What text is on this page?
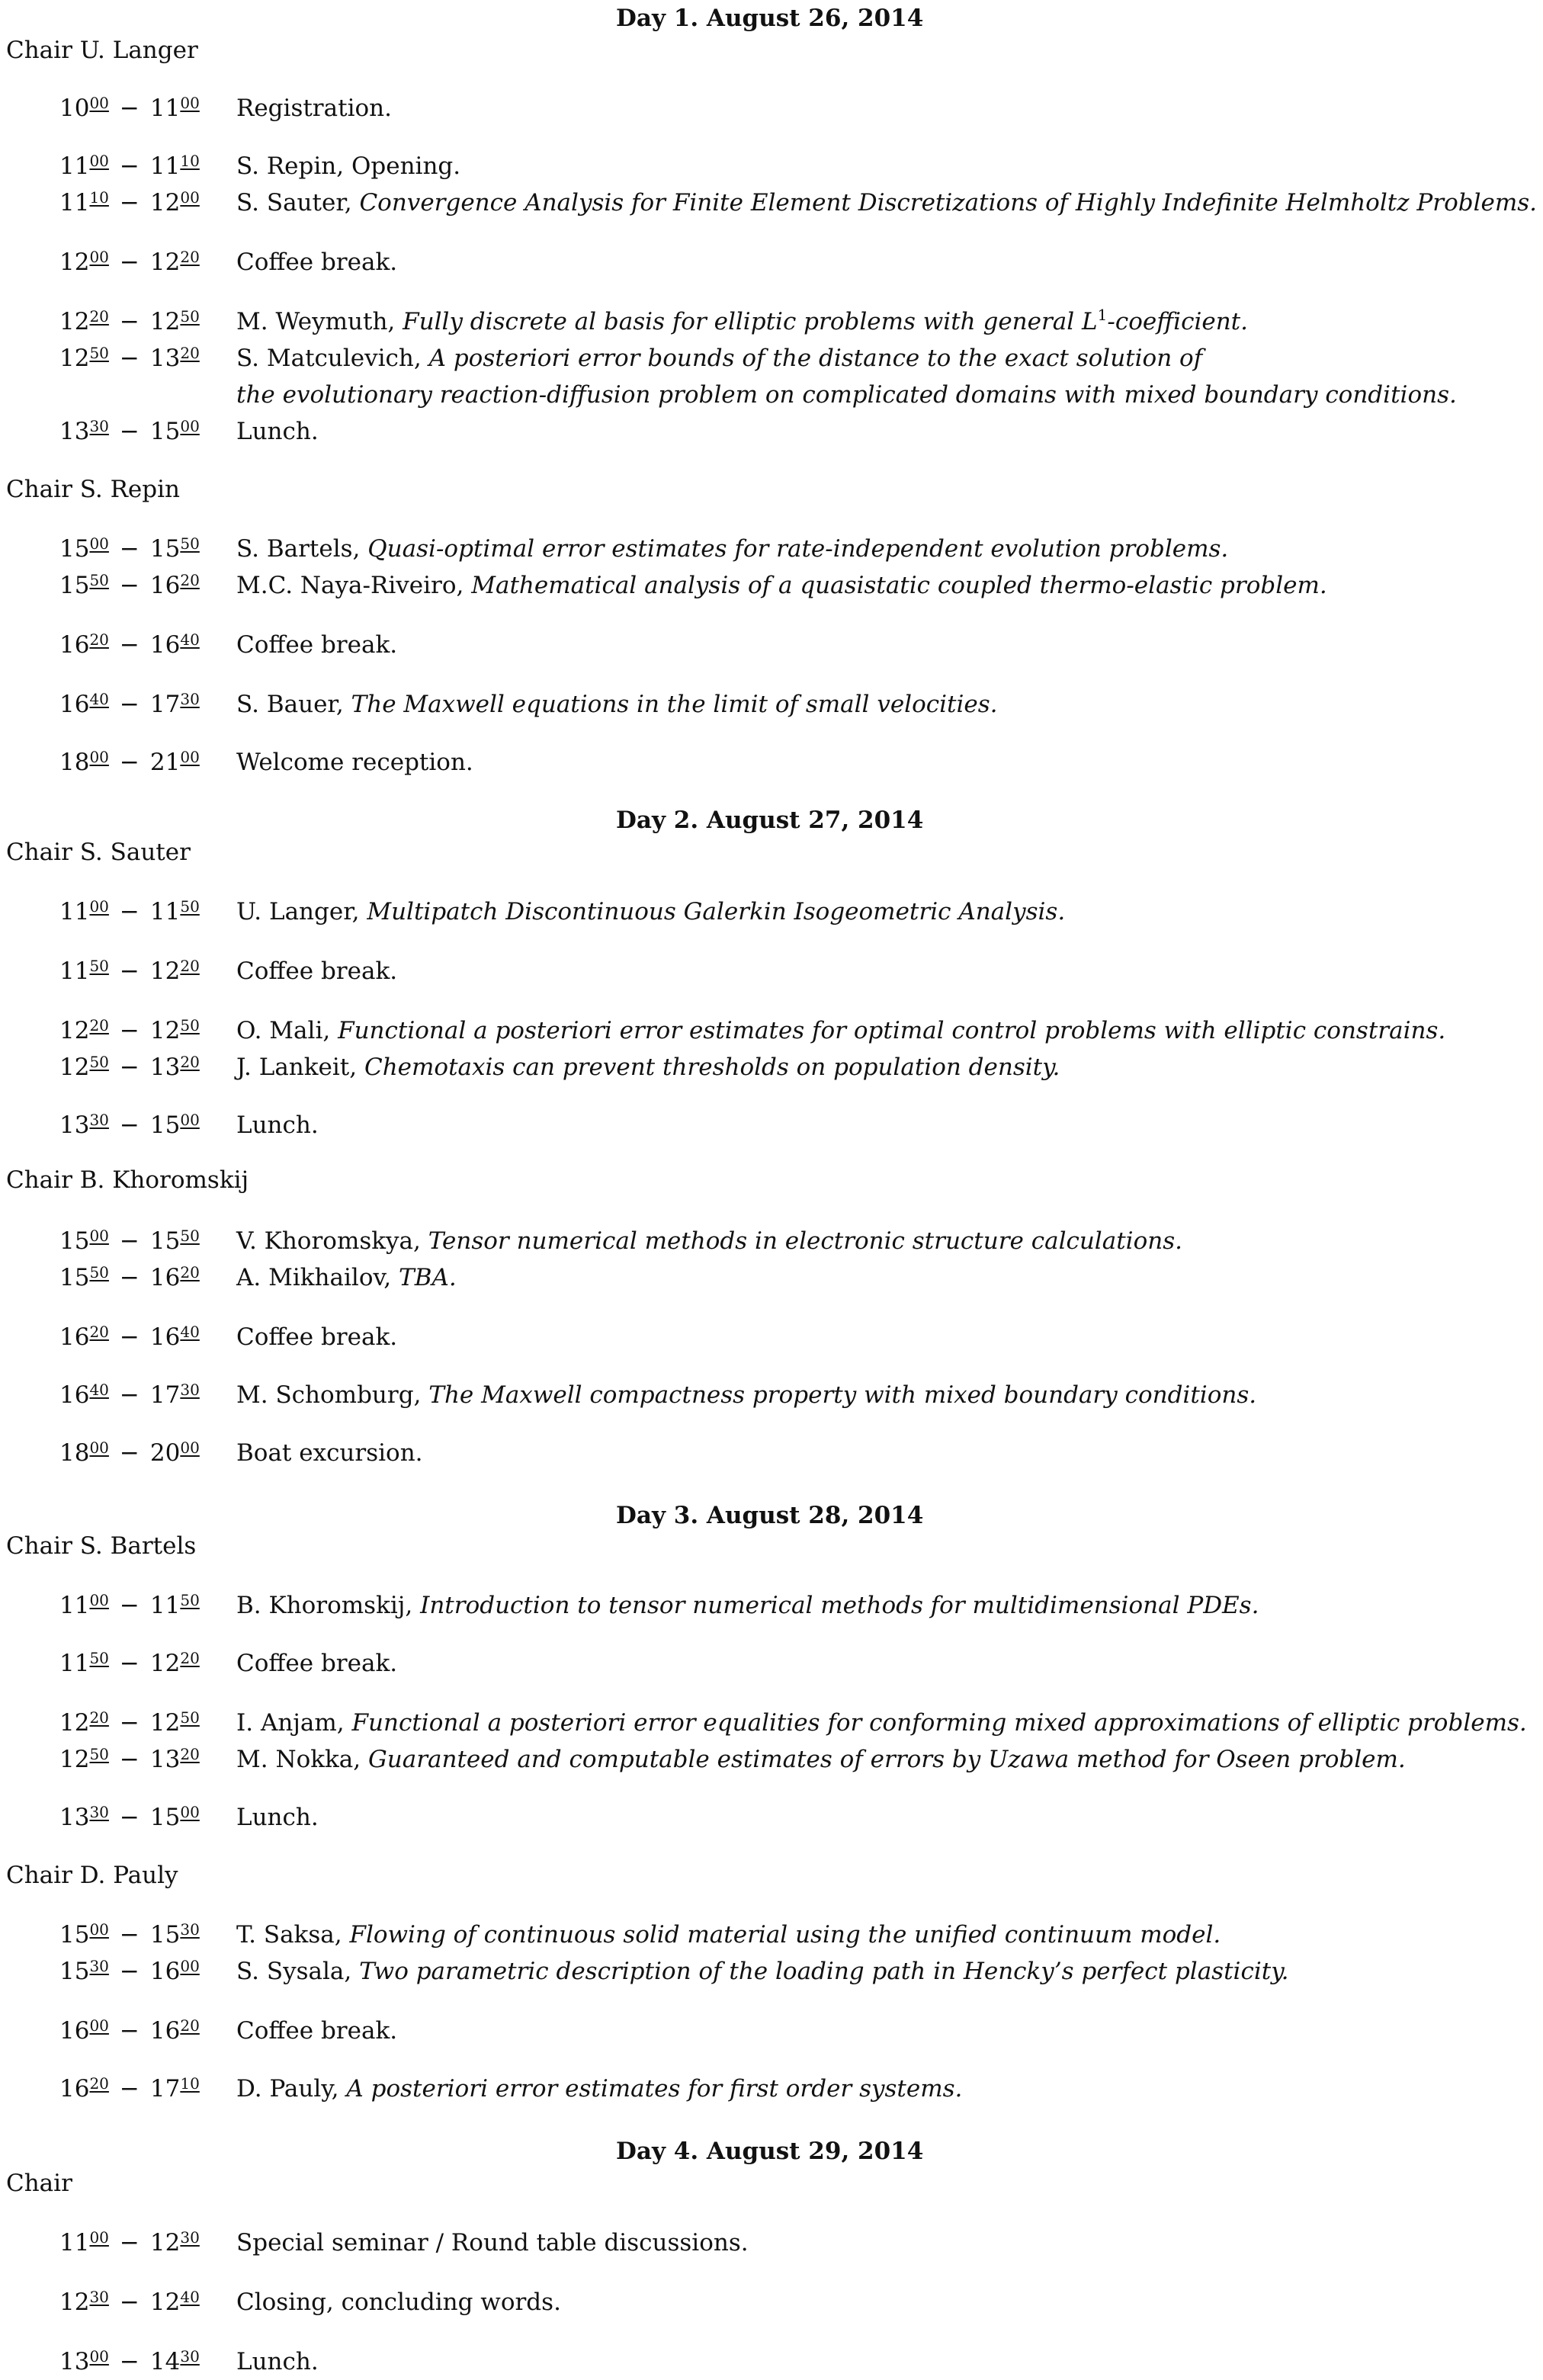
Day 1. August 26, 2014
Chair U. Langer
$10^{00} - 11^{00}$ Registration.
$11^{00} - 11^{10}$ S. Repin, Opening.
$11^{10} - 12^{00}$ S. Sauter, Convergence Analysis for Finite Element Discretizations of Highly Indefinite Helmholtz Problems.
$12^{00} - 12^{20}$ Coffee break.
$12^{20} - 12^{50}$ M. Weymuth, Fully discrete al basis for elliptic problems with general $L^1$-coefficient.
$12^{50} - 13^{20}$ S. Matculevich, A posteriori error bounds of the distance to the exact solution of
the evolutionary reaction-diffusion problem on complicated domains with mixed boundary conditions.
$13^{30} - 15^{00}$ Lunch.
Chair S. Repin
$15^{00} - 15^{50}$ S. Bartels, Quasi-optimal error estimates for rate-independent evolution problems.
$15^{50} - 16^{20}$ M.C. Naya-Riveiro, Mathematical analysis of a quasistatic coupled thermo-elastic problem.
$16^{20} - 16^{40}$ Coffee break.
$16^{40} - 17^{30}$ S. Bauer, The Maxwell equations in the limit of small velocities.
$18^{00} - 21^{00}$ Welcome reception.
Day 2. August 27, 2014
Chair S. Sauter
$11^{00} - 11^{50}$ U. Langer, Multipatch Discontinuous Galerkin Isogeometric Analysis.
$11^{50} - 12^{20}$ Coffee break.
$12^{20} - 12^{50}$ O. Mali, Functional a posteriori error estimates for optimal control problems with elliptic constrains.
$12^{50} - 13^{20}$ J. Lankeit, Chemotaxis can prevent thresholds on population density.
$13^{30} - 15^{00}$ Lunch.
Chair B. Khoromskij
$15^{00} - 15^{50}$ V. Khoromskya, Tensor numerical methods in electronic structure calculations.
$15^{50} - 16^{20}$ A. Mikhailov, TBA.
$16^{20} - 16^{40}$ Coffee break.
$16^{40} - 17^{30}$ M. Schomburg, The Maxwell compactness property with mixed boundary conditions.
$18^{00} - 20^{00}$ Boat excursion.
Day 3. August 28, 2014
Chair S. Bartels
$11^{00} - 11^{50}$ B. Khoromskij, Introduction to tensor numerical methods for multidimensional PDEs.
$11^{50} - 12^{20}$ Coffee break.
$12^{20} - 12^{50}$ I. Anjam, Functional a posteriori error equalities for conforming mixed approximations of elliptic problems.
$12^{50} - 13^{20}$ M. Nokka, Guaranteed and computable estimates of errors by Uzawa method for Oseen problem.
$13^{30} - 15^{00}$ Lunch.
Chair D. Pauly
$15^{00} - 15^{30}$ T. Saksa, Flowing of continuous solid material using the unified continuum model.
$15^{30} - 16^{00}$ S. Sysala, Two parametric description of the loading path in Hencky’s perfect plasticity.
$16^{00} - 16^{20}$ Coffee break.
$16^{20} - 17^{10}$ D. Pauly, A posteriori error estimates for first order systems.
Day 4. August 29, 2014
Chair
$11^{00} - 12^{30}$ Special seminar / Round table discussions.
$12^{30} - 12^{40}$ Closing, concluding words.
$13^{00} - 14^{30}$ Lunch.
